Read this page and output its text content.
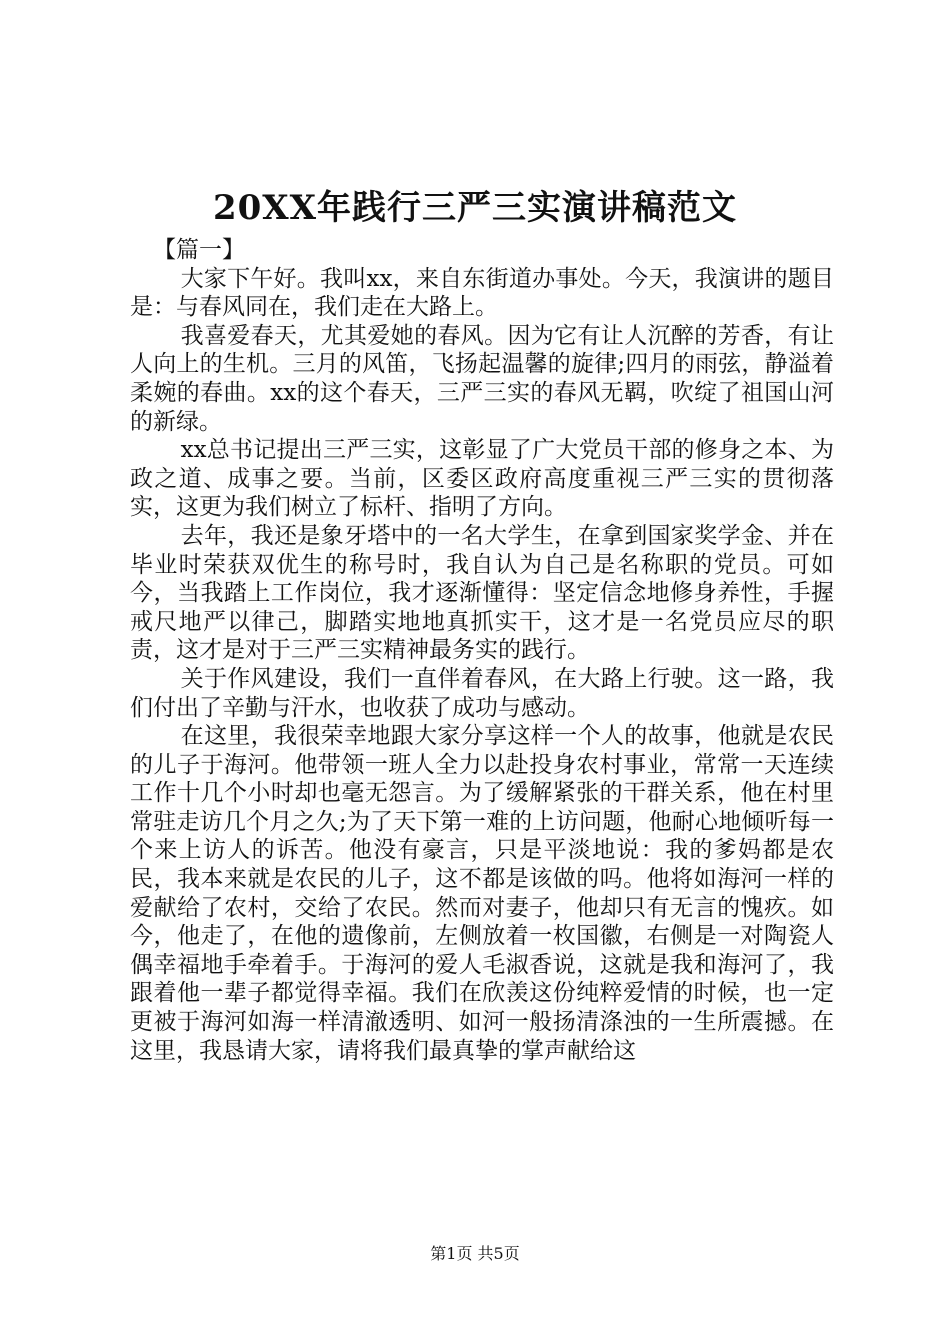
20XX年践行三严三实演讲稿范文

【篇一】

大家下午好。我叫xx，来自东街道办事处。今天，我演讲的题目是：与春风同在，我们走在大路上。

我喜爱春天，尤其爱她的春风。因为它有让人沉醉的芳香，有让人向上的生机。三月的风笛，飞扬起温馨的旋律;四月的雨弦，静溢着柔婉的春曲。xx的这个春天，三严三实的春风无羁，吹绽了祖国山河的新绿。

xx总书记提出三严三实，这彰显了广大党员干部的修身之本、为政之道、成事之要。当前，区委区政府高度重视三严三实的贯彻落实，这更为我们树立了标杆、指明了方向。

去年，我还是象牙塔中的一名大学生，在拿到国家奖学金、并在毕业时荣获双优生的称号时，我自认为自己是名称职的党员。可如今，当我踏上工作岗位，我才逐渐懂得：坚定信念地修身养性，手握戒尺地严以律己，脚踏实地地真抓实干，这才是一名党员应尽的职责，这才是对于三严三实精神最务实的践行。

关于作风建设，我们一直伴着春风，在大路上行驶。这一路，我们付出了辛勤与汗水，也收获了成功与感动。

在这里，我很荣幸地跟大家分享这样一个人的故事，他就是农民的儿子于海河。他带领一班人全力以赴投身农村事业，常常一天连续工作十几个小时却也毫无怨言。为了缓解紧张的干群关系，他在村里常驻走访几个月之久;为了天下第一难的上访问题，他耐心地倾听每一个来上访人的诉苦。他没有豪言，只是平淡地说：我的爹妈都是农民，我本来就是农民的儿子，这不都是该做的吗。他将如海河一样的爱献给了农村，交给了农民。然而对妻子，他却只有无言的愧疚。如今，他走了，在他的遗像前，左侧放着一枚国徽，右侧是一对陶瓷人偶幸福地手牵着手。于海河的爱人毛淑香说，这就是我和海河了，我跟着他一辈子都觉得幸福。我们在欣羡这份纯粹爱情的时候，也一定更被于海河如海一样清澈透明、如河一般扬清涤浊的一生所震撼。在这里，我恳请大家，请将我们最真挚的掌声献给这

第1页 共5页
